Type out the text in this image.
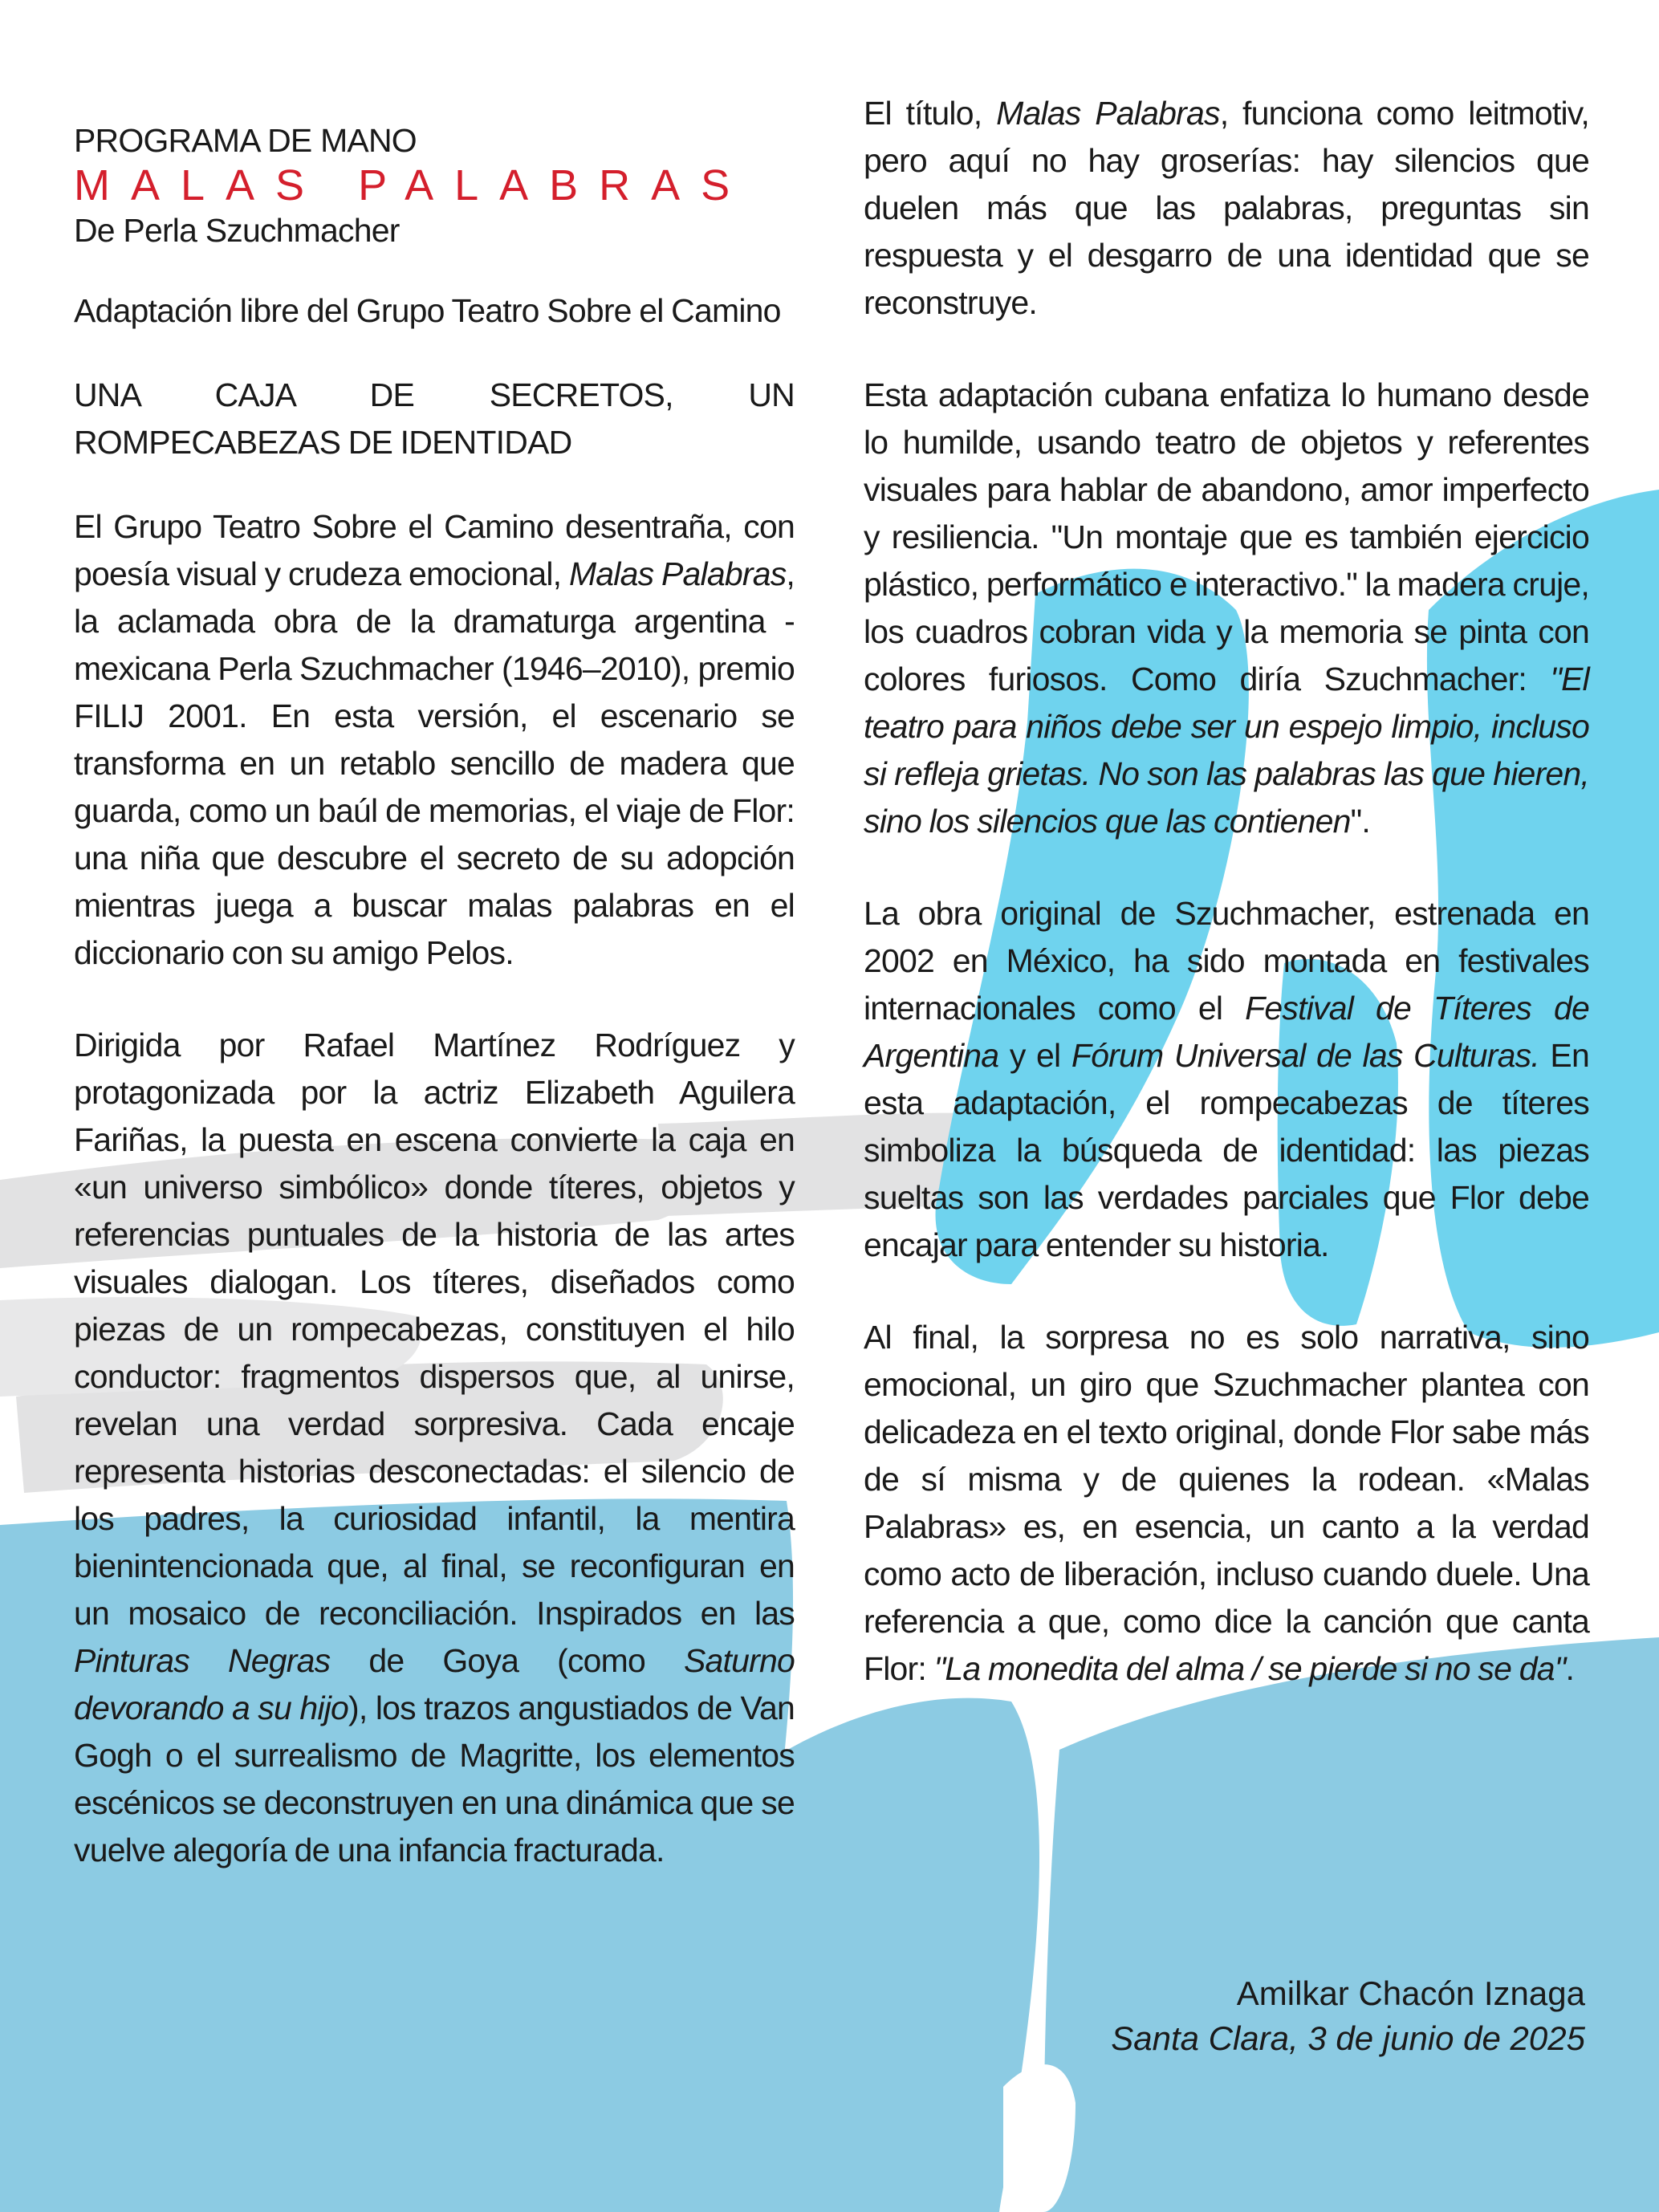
PROGRAMA DE MANO

MALAS PALABRAS

De Perla Szuchmacher

Adaptación libre del Grupo Teatro Sobre el Camino

UNA CAJA DE SECRETOS, UN ROMPECABEZAS DE IDENTIDAD

El Grupo Teatro Sobre el Camino desentraña, con poesía visual y crudeza emocional, Malas Palabras, la aclamada obra de la dramaturga argentina - mexicana Perla Szuchmacher (1946–2010), premio FILIJ 2001. En esta versión, el escenario se transforma en un retablo sencillo de madera que guarda, como un baúl de memorias, el viaje de Flor: una niña que descubre el secreto de su adopción mientras juega a buscar malas palabras en el diccionario con su amigo Pelos.

Dirigida por Rafael Martínez Rodríguez y protagonizada por la actriz Elizabeth Aguilera Fariñas, la puesta en escena convierte la caja en «un universo simbólico» donde títeres, objetos y referencias puntuales de la historia de las artes visuales dialogan. Los títeres, diseñados como piezas de un rompecabezas, constituyen el hilo conductor: fragmentos dispersos que, al unirse, revelan una verdad sorpresiva. Cada encaje representa historias desconectadas: el silencio de los padres, la curiosidad infantil, la mentira bienintencionada que, al final, se reconfiguran en un mosaico de reconciliación. Inspirados en las Pinturas Negras de Goya (como Saturno devorando a su hijo), los trazos angustiados de Van Gogh o el surrealismo de Magritte, los elementos escénicos se deconstruyen en una dinámica que se vuelve alegoría de una infancia fracturada.

El título, Malas Palabras, funciona como leitmotiv, pero aquí no hay groserías: hay silencios que duelen más que las palabras, preguntas sin respuesta y el desgarro de una identidad que se reconstruye.

Esta adaptación cubana enfatiza lo humano desde lo humilde, usando teatro de objetos y referentes visuales para hablar de abandono, amor imperfecto y resiliencia. "Un montaje que es también ejercicio plástico, performático e interactivo." la madera cruje, los cuadros cobran vida y la memoria se pinta con colores furiosos. Como diría Szuchmacher: "El teatro para niños debe ser un espejo limpio, incluso si refleja grietas. No son las palabras las que hieren, sino los silencios que las contienen".

La obra original de Szuchmacher, estrenada en 2002 en México, ha sido montada en festivales internacionales como el Festival de Títeres de Argentina y el Fórum Universal de las Culturas. En esta adaptación, el rompecabezas de títeres simboliza la búsqueda de identidad: las piezas sueltas son las verdades parciales que Flor debe encajar para entender su historia.

Al final, la sorpresa no es solo narrativa, sino emocional, un giro que Szuchmacher plantea con delicadeza en el texto original, donde Flor sabe más de sí misma y de quienes la rodean. «Malas Palabras» es, en esencia, un canto a la verdad como acto de liberación, incluso cuando duele. Una referencia a que, como dice la canción que canta Flor: "La monedita del alma / se pierde si no se da".

Amilkar Chacón Iznaga
Santa Clara, 3 de junio de 2025
